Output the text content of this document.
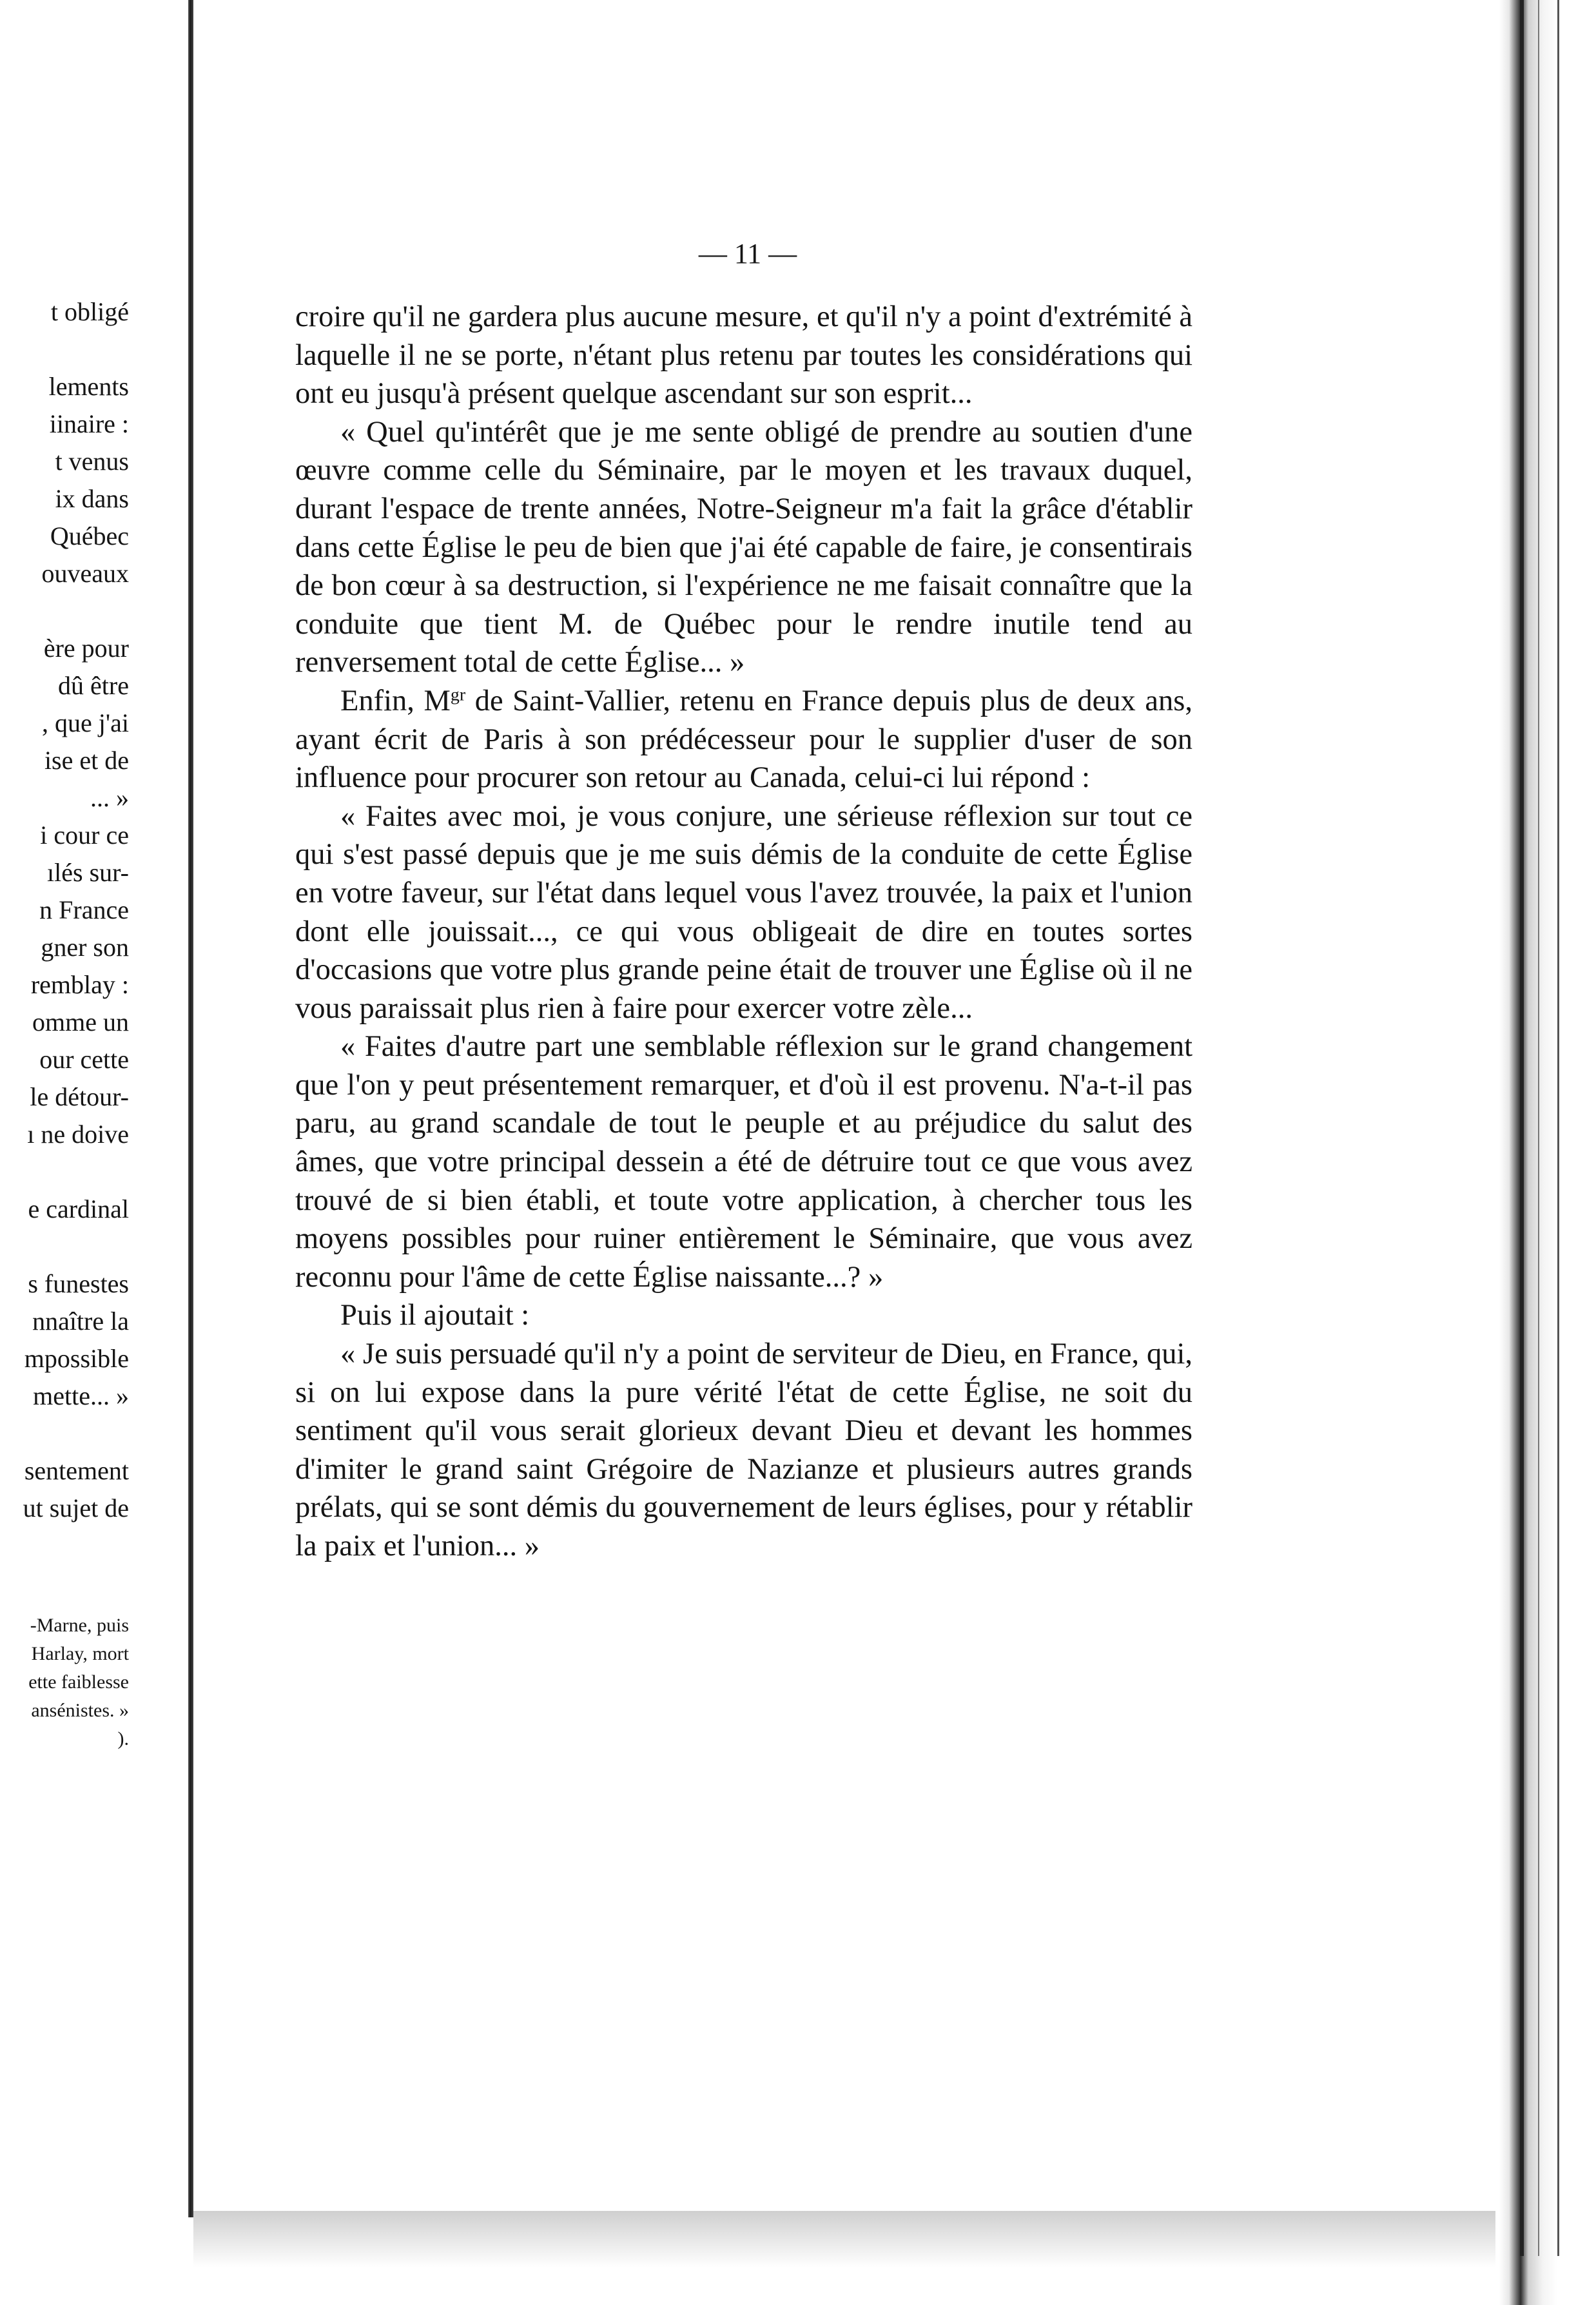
t obligé

lements
iinaire :
t venus
ix dans
Québec
ouveaux

ère pour
dû être
, que j'ai
ise et de
... »
i cour ce
ılés sur-
n France
gner son
remblay :
omme un
our cette
le détour-
ı ne doive

e cardinal

s funestes
nnaître la
mpossible
mette... »

sentement
ut sujet de
-Marne, puis
Harlay, mort
ette faiblesse
ansénistes. »
).
— 11 —

croire qu'il ne gardera plus aucune mesure, et qu'il n'y a point d'extrémité à laquelle il ne se porte, n'étant plus retenu par toutes les considérations qui ont eu jusqu'à présent quelque ascendant sur son esprit...

« Quel qu'intérêt que je me sente obligé de prendre au soutien d'une œuvre comme celle du Séminaire, par le moyen et les travaux duquel, durant l'espace de trente années, Notre-Seigneur m'a fait la grâce d'établir dans cette Église le peu de bien que j'ai été capable de faire, je consentirais de bon cœur à sa destruction, si l'expérience ne me faisait connaître que la conduite que tient M. de Québec pour le rendre inutile tend au renversement total de cette Église... »

Enfin, $M^{gr}$ de Saint-Vallier, retenu en France depuis plus de deux ans, ayant écrit de Paris à son prédécesseur pour le supplier d'user de son influence pour procurer son retour au Canada, celui-ci lui répond :

« Faites avec moi, je vous conjure, une sérieuse réflexion sur tout ce qui s'est passé depuis que je me suis démis de la conduite de cette Église en votre faveur, sur l'état dans lequel vous l'avez trouvée, la paix et l'union dont elle jouissait..., ce qui vous obligeait de dire en toutes sortes d'occasions que votre plus grande peine était de trouver une Église où il ne vous paraissait plus rien à faire pour exercer votre zèle...

« Faites d'autre part une semblable réflexion sur le grand changement que l'on y peut présentement remarquer, et d'où il est provenu. N'a-t-il pas paru, au grand scandale de tout le peuple et au préjudice du salut des âmes, que votre principal dessein a été de détruire tout ce que vous avez trouvé de si bien établi, et toute votre application, à chercher tous les moyens possibles pour ruiner entièrement le Séminaire, que vous avez reconnu pour l'âme de cette Église naissante...? »

Puis il ajoutait :

« Je suis persuadé qu'il n'y a point de serviteur de Dieu, en France, qui, si on lui expose dans la pure vérité l'état de cette Église, ne soit du sentiment qu'il vous serait glorieux devant Dieu et devant les hommes d'imiter le grand saint Grégoire de Nazianze et plusieurs autres grands prélats, qui se sont démis du gouvernement de leurs églises, pour y rétablir la paix et l'union... »
